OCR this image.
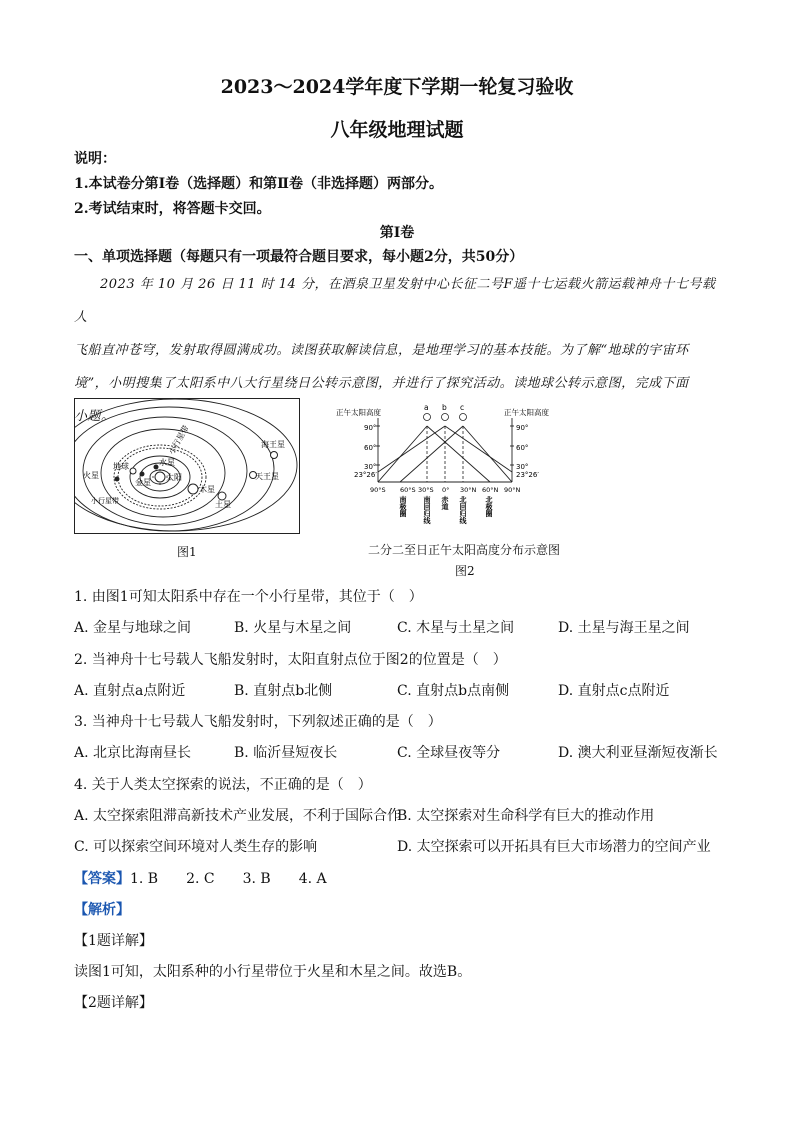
2023～2024学年度下学期一轮复习验收
八年级地理试题
说明：
1.本试卷分第Ⅰ卷（选择题）和第Ⅱ卷（非选择题）两部分。
2.考试结束时，将答题卡交回。
第Ⅰ卷
一、单项选择题（每题只有一项最符合题目要求，每小题2分，共50分）
2023 年 10 月 26 日 11 时 14 分，在酒泉卫星发射中心长征二号F遥十七运载火箭运载神舟十七号载人
飞船直冲苍穹，发射取得圆满成功。读图获取解读信息，是地理学习的基本技能。为了解“地球的宇宙环
境”，小明搜集了太阳系中八大行星绕日公转示意图，并进行了探究活动。读地球公转示意图，完成下面
小题。
太阳
水星
金星
地球
火星
木星
土星
天王星
海王星
小行星带
小行星带
图1
正午太阳高度	正午太阳高度
90°
60°
30°
23°26′
90°
60°
30°
23°26′
a b c
90°S 60°S 30°S 0° 30°N 60°N 90°N
南极圈 南回归线 赤道 北回归线	北极圈
二分二至日正午太阳高度分布示意图
图2
1. 由图1可知太阳系中存在一个小行星带，其位于（　）
A. 金星与地球之间	B. 火星与木星之间	C. 木星与土星之间	D. 土星与海王星之间
2. 当神舟十七号载人飞船发射时，太阳直射点位于图2的位置是（　）
A. 直射点a点附近	B. 直射点b北侧	C. 直射点b点南侧	D. 直射点c点附近
3. 当神舟十七号载人飞船发射时，下列叙述正确的是（　）
A. 北京比海南昼长	B. 临沂昼短夜长	C. 全球昼夜等分	D. 澳大利亚昼渐短夜渐长
4. 关于人类太空探索的说法，不正确的是（　）
A. 太空探索阻滞高新技术产业发展，不利于国际合作
B. 太空探索对生命科学有巨大的推动作用
C. 可以探索空间环境对人类生存的影响	D. 太空探索可以开拓具有巨大市场潜力的空间产业
【答案】1. B　　2. C　　3. B　　4. A
【解析】
【1题详解】
读图1可知，太阳系种的小行星带位于火星和木星之间。故选B。
【2题详解】
